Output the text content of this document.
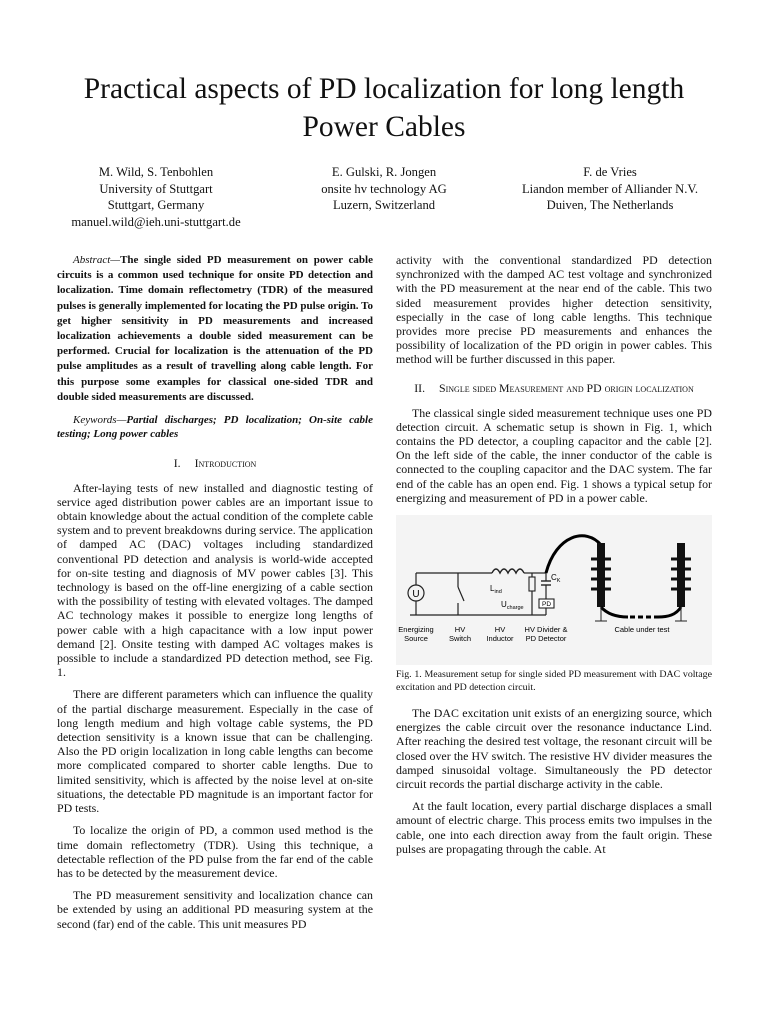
Practical aspects of PD localization for long length
Power Cables
M. Wild, S. Tenbohlen
University of Stuttgart
Stuttgart, Germany
manuel.wild@ieh.uni-stuttgart.de
E. Gulski, R. Jongen
onsite hv technology AG
Luzern, Switzerland
F. de Vries
Liandon member of Alliander N.V.
Duiven, The Netherlands

Abstract—The single sided PD measurement on power cable circuits is a common used technique for onsite PD detection and localization. Time domain reflectometry (TDR) of the measured pulses is generally implemented for locating the PD pulse origin. To get higher sensitivity in PD measurements and increased localization achievements a double sided measurement can be performed. Crucial for localization is the attenuation of the PD pulse amplitudes as a result of travelling along cable length. For this purpose some examples for classical one-sided TDR and double sided measurements are discussed.

Keywords—Partial discharges; PD localization; On-site cable testing; Long power cables

I. Introduction

After-laying tests of new installed and diagnostic testing of service aged distribution power cables are an important issue to obtain knowledge about the actual condition of the complete cable system and to prevent breakdowns during service. The application of damped AC (DAC) voltages including standardized conventional PD detection and analysis is world-wide accepted for on-site testing and diagnosis of MV power cables [3]. This technology is based on the off-line energizing of a cable section with the possibility of testing with elevated voltages. The damped AC technology makes it possible to energize long lengths of power cable with a high capacitance with a low input power demand [2]. Onsite testing with damped AC voltages makes is possible to include a standardized PD detection method, see Fig. 1.

There are different parameters which can influence the quality of the partial discharge measurement. Especially in the case of long length medium and high voltage cable systems, the PD detection sensitivity is a known issue that can be challenging. Also the PD origin localization in long cable lengths can become more complicated compared to shorter cable lengths. Due to limited sensitivity, which is affected by the noise level at on-site situations, the detectable PD magnitude is an important factor for PD tests.

To localize the origin of PD, a common used method is the time domain reflectometry (TDR). Using this technique, a detectable reflection of the PD pulse from the far end of the cable has to be detected by the measurement device.

The PD measurement sensitivity and localization chance can be extended by using an additional PD measuring system at the second (far) end of the cable. This unit measures PD

activity with the conventional standardized PD detection synchronized with the damped AC test voltage and synchronized with the PD measurement at the near end of the cable. This two sided measurement provides higher detection sensitivity, especially in the case of long cable lengths. This technique provides more precise PD measurements and enhances the possibility of localization of the PD origin in power cables. This method will be further discussed in this paper.

II. Single sided Measurement and PD origin localization

The classical single sided measurement technique uses one PD detection circuit. A schematic setup is shown in Fig. 1, which contains the PD detector, a coupling capacitor and the cable [2]. On the left side of the cable, the inner conductor of the cable is connected to the coupling capacitor and the DAC system. The far end of the cable has an open end. Fig. 1 shows a typical setup for energizing and measurement of PD in a power cable.

U
$L_{ind}$
$C_K$
PD
$U_{charge}$
Energizing Source
HV Switch
HV Inductor
HV Divider & PD Detector
Cable under test

Fig. 1. Measurement setup for single sided PD measurement with DAC voltage excitation and PD detection circuit.

The DAC excitation unit exists of an energizing source, which energizes the cable circuit over the resonance inductance Lind. After reaching the desired test voltage, the resonant circuit will be closed over the HV switch. The resistive HV divider measures the damped sinusoidal voltage. Simultaneously the PD detector circuit records the partial discharge activity in the cable.

At the fault location, every partial discharge displaces a small amount of electric charge. This process emits two impulses in the cable, one into each direction away from the fault origin. These pulses are propagating through the cable. At
